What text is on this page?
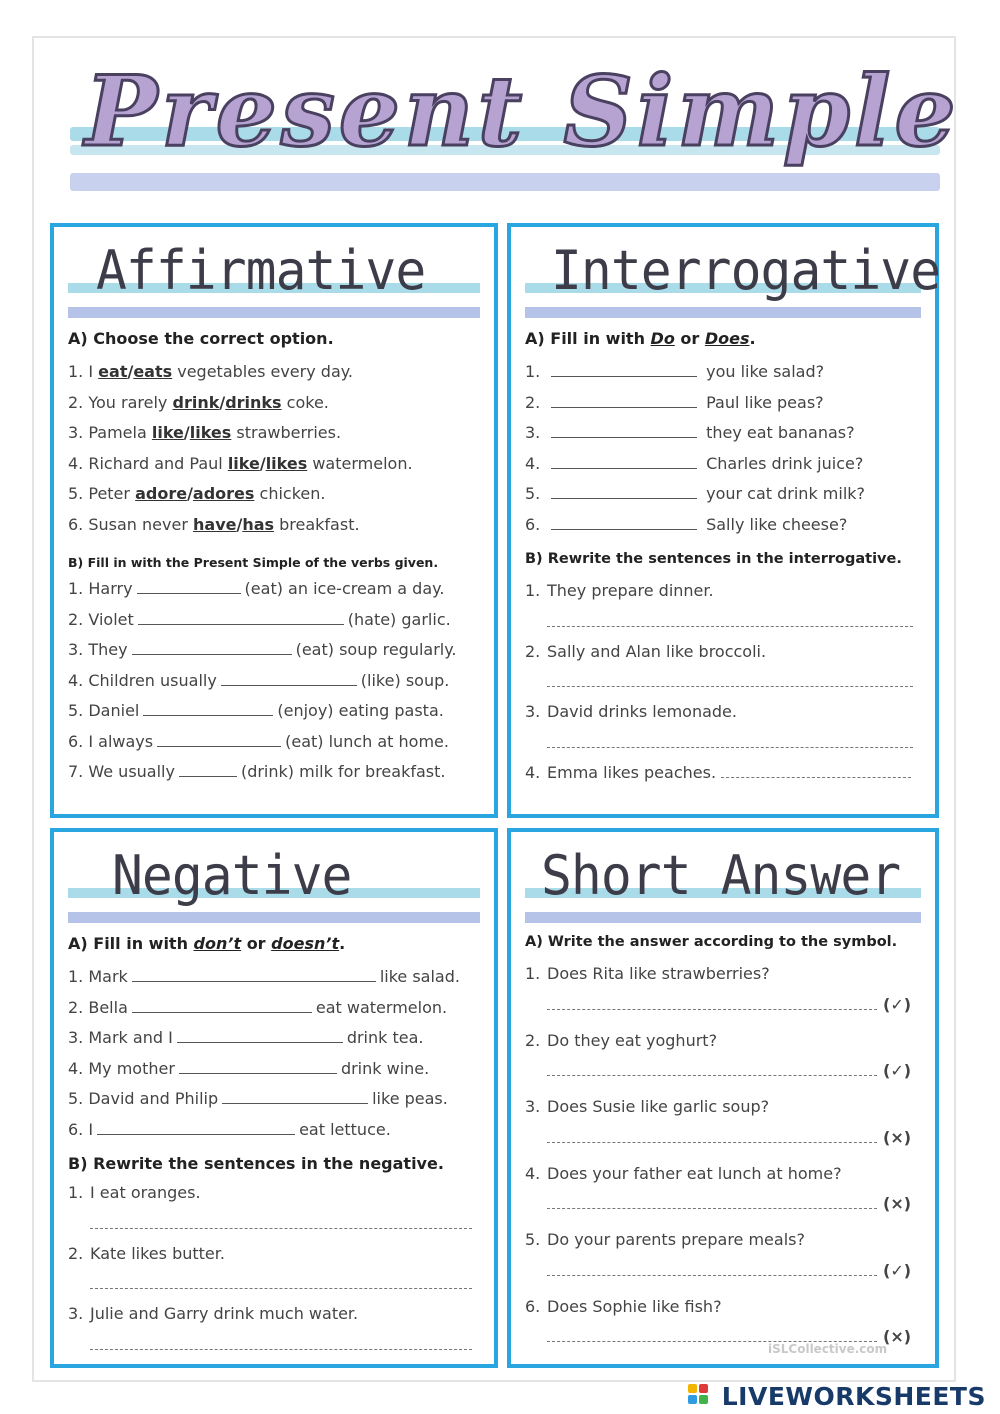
Present Simple
Affirmative
A) Choose the correct option.
1. I eat/eats vegetables every day.
2. You rarely drink/drinks coke.
3. Pamela like/likes strawberries.
4. Richard and Paul like/likes watermelon.
5. Peter adore/adores chicken.
6. Susan never have/has breakfast.
B) Fill in with the Present Simple of the verbs given.
1. Harry	(eat) an ice-cream a day.
2. Violet	(hate) garlic.
3. They	(eat) soup regularly.
4. Children usually	(like) soup.
5. Daniel	(enjoy) eating pasta.
6. I always	(eat) lunch at home.
7. We usually	(drink) milk for breakfast.
Interrogative
A) Fill in with Do or Does.
1.	you like salad?
2.	Paul like peas?
3.	they eat bananas?
4.	Charles drink juice?
5.	your cat drink milk?
6.	Sally like cheese?
B) Rewrite the sentences in the interrogative.
1. They prepare dinner.
2. Sally and Alan like broccoli.
3. David drinks lemonade.
4. Emma likes peaches.
Negative
A) Fill in with don’t or doesn’t.
1. Mark	like salad.
2. Bella	eat watermelon.
3. Mark and I	drink tea.
4. My mother	drink wine.
5. David and Philip	like peas.
6. I	eat lettuce.
B) Rewrite the sentences in the negative.
1. I eat oranges.
2. Kate likes butter.
3. Julie and Garry drink much water.
Short Answer
A) Write the answer according to the symbol.
1. Does Rita like strawberries?
(✓)
2. Do they eat yoghurt?
(✓)
3. Does Susie like garlic soup?
(×)
4. Does your father eat lunch at home?
(×)
5. Do your parents prepare meals?
(✓)
6. Does Sophie like fish?
(×)
iSLCollective.com
LIVEWORKSHEETS
